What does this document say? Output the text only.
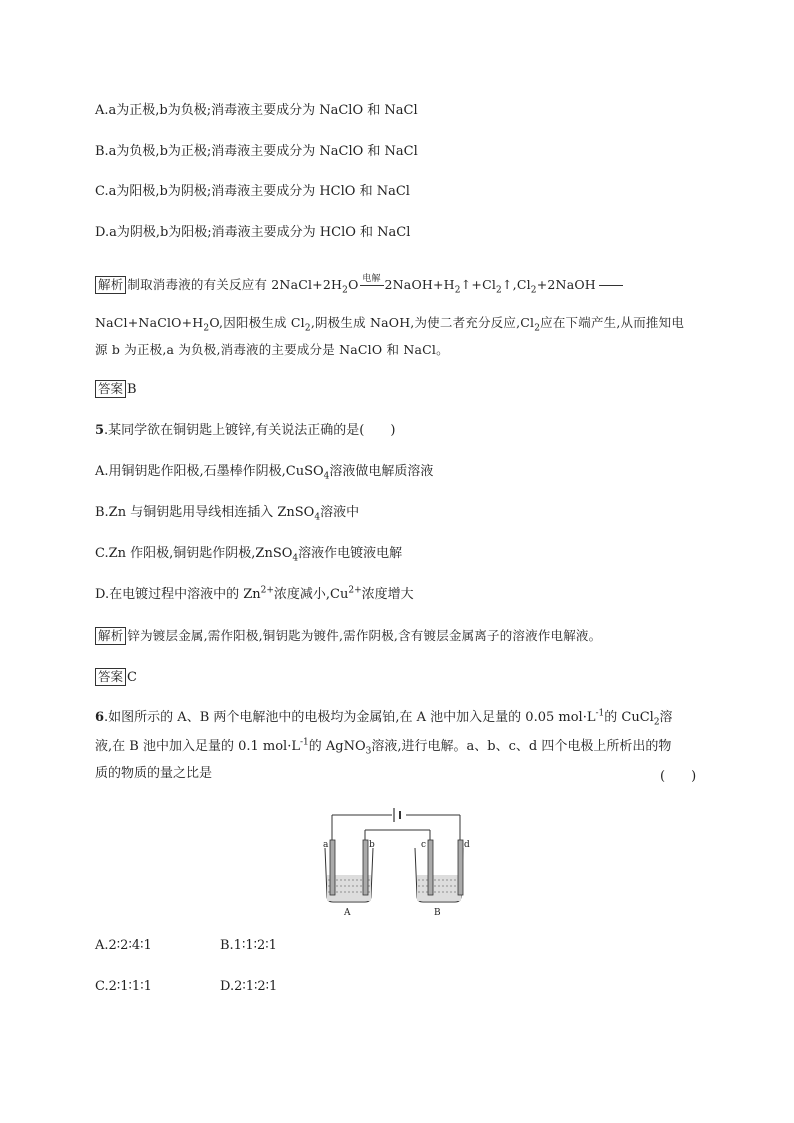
A.a为正极,b为负极;消毒液主要成分为 NaClO 和 NaCl
B.a为负极,b为正极;消毒液主要成分为 NaClO 和 NaCl
C.a为阳极,b为阴极;消毒液主要成分为 HClO 和 NaCl
D.a为阴极,b为阳极;消毒液主要成分为 HClO 和 NaCl
解析 制取消毒液的有关反应有 $2NaCl+2H_2O$ 电解 $2NaOH+H_2↑+Cl_2↑,Cl_2+2NaOH$
$NaCl+NaClO+H_2O$,因阳极生成 $Cl_2$,阴极生成 NaOH,为使二者充分反应$,Cl_2$应在下端产生,从而推知电
源 b 为正极,a 为负极,消毒液的主要成分是 NaClO 和 NaCl。
答案 B
5.某同学欲在铜钥匙上镀锌,有关说法正确的是(　　)
A.用铜钥匙作阳极,石墨棒作阴极,CuSO$_4$溶液做电解质溶液
B.Zn 与铜钥匙用导线相连插入 ZnSO$_4$溶液中
C.Zn 作阳极,铜钥匙作阴极,ZnSO$_4$溶液作电镀液电解
D.在电镀过程中溶液中的 $Zn^{2+}$浓度减小$,Cu^{2+}$浓度增大
解析 锌为镀层金属,需作阳极,铜钥匙为镀件,需作阴极,含有镀层金属离子的溶液作电解液。
答案 C
6.如图所示的 A、B 两个电解池中的电极均为金属铂,在 A 池中加入足量的 0.05 $mol\cdot L^{-1}$的 CuCl$_2$溶
液,在 B 池中加入足量的 0.1 $mol\cdot L^{-1}$的 AgNO$_3$溶液,进行电解。a、b、c、d 四个电极上所析出的物
质的物质的量之比是	(　　)
a	b	c	d
A	B
A.2∶2∶4∶1	B.1∶1∶2∶1
C.2∶1∶1∶1	D.2∶1∶2∶1
